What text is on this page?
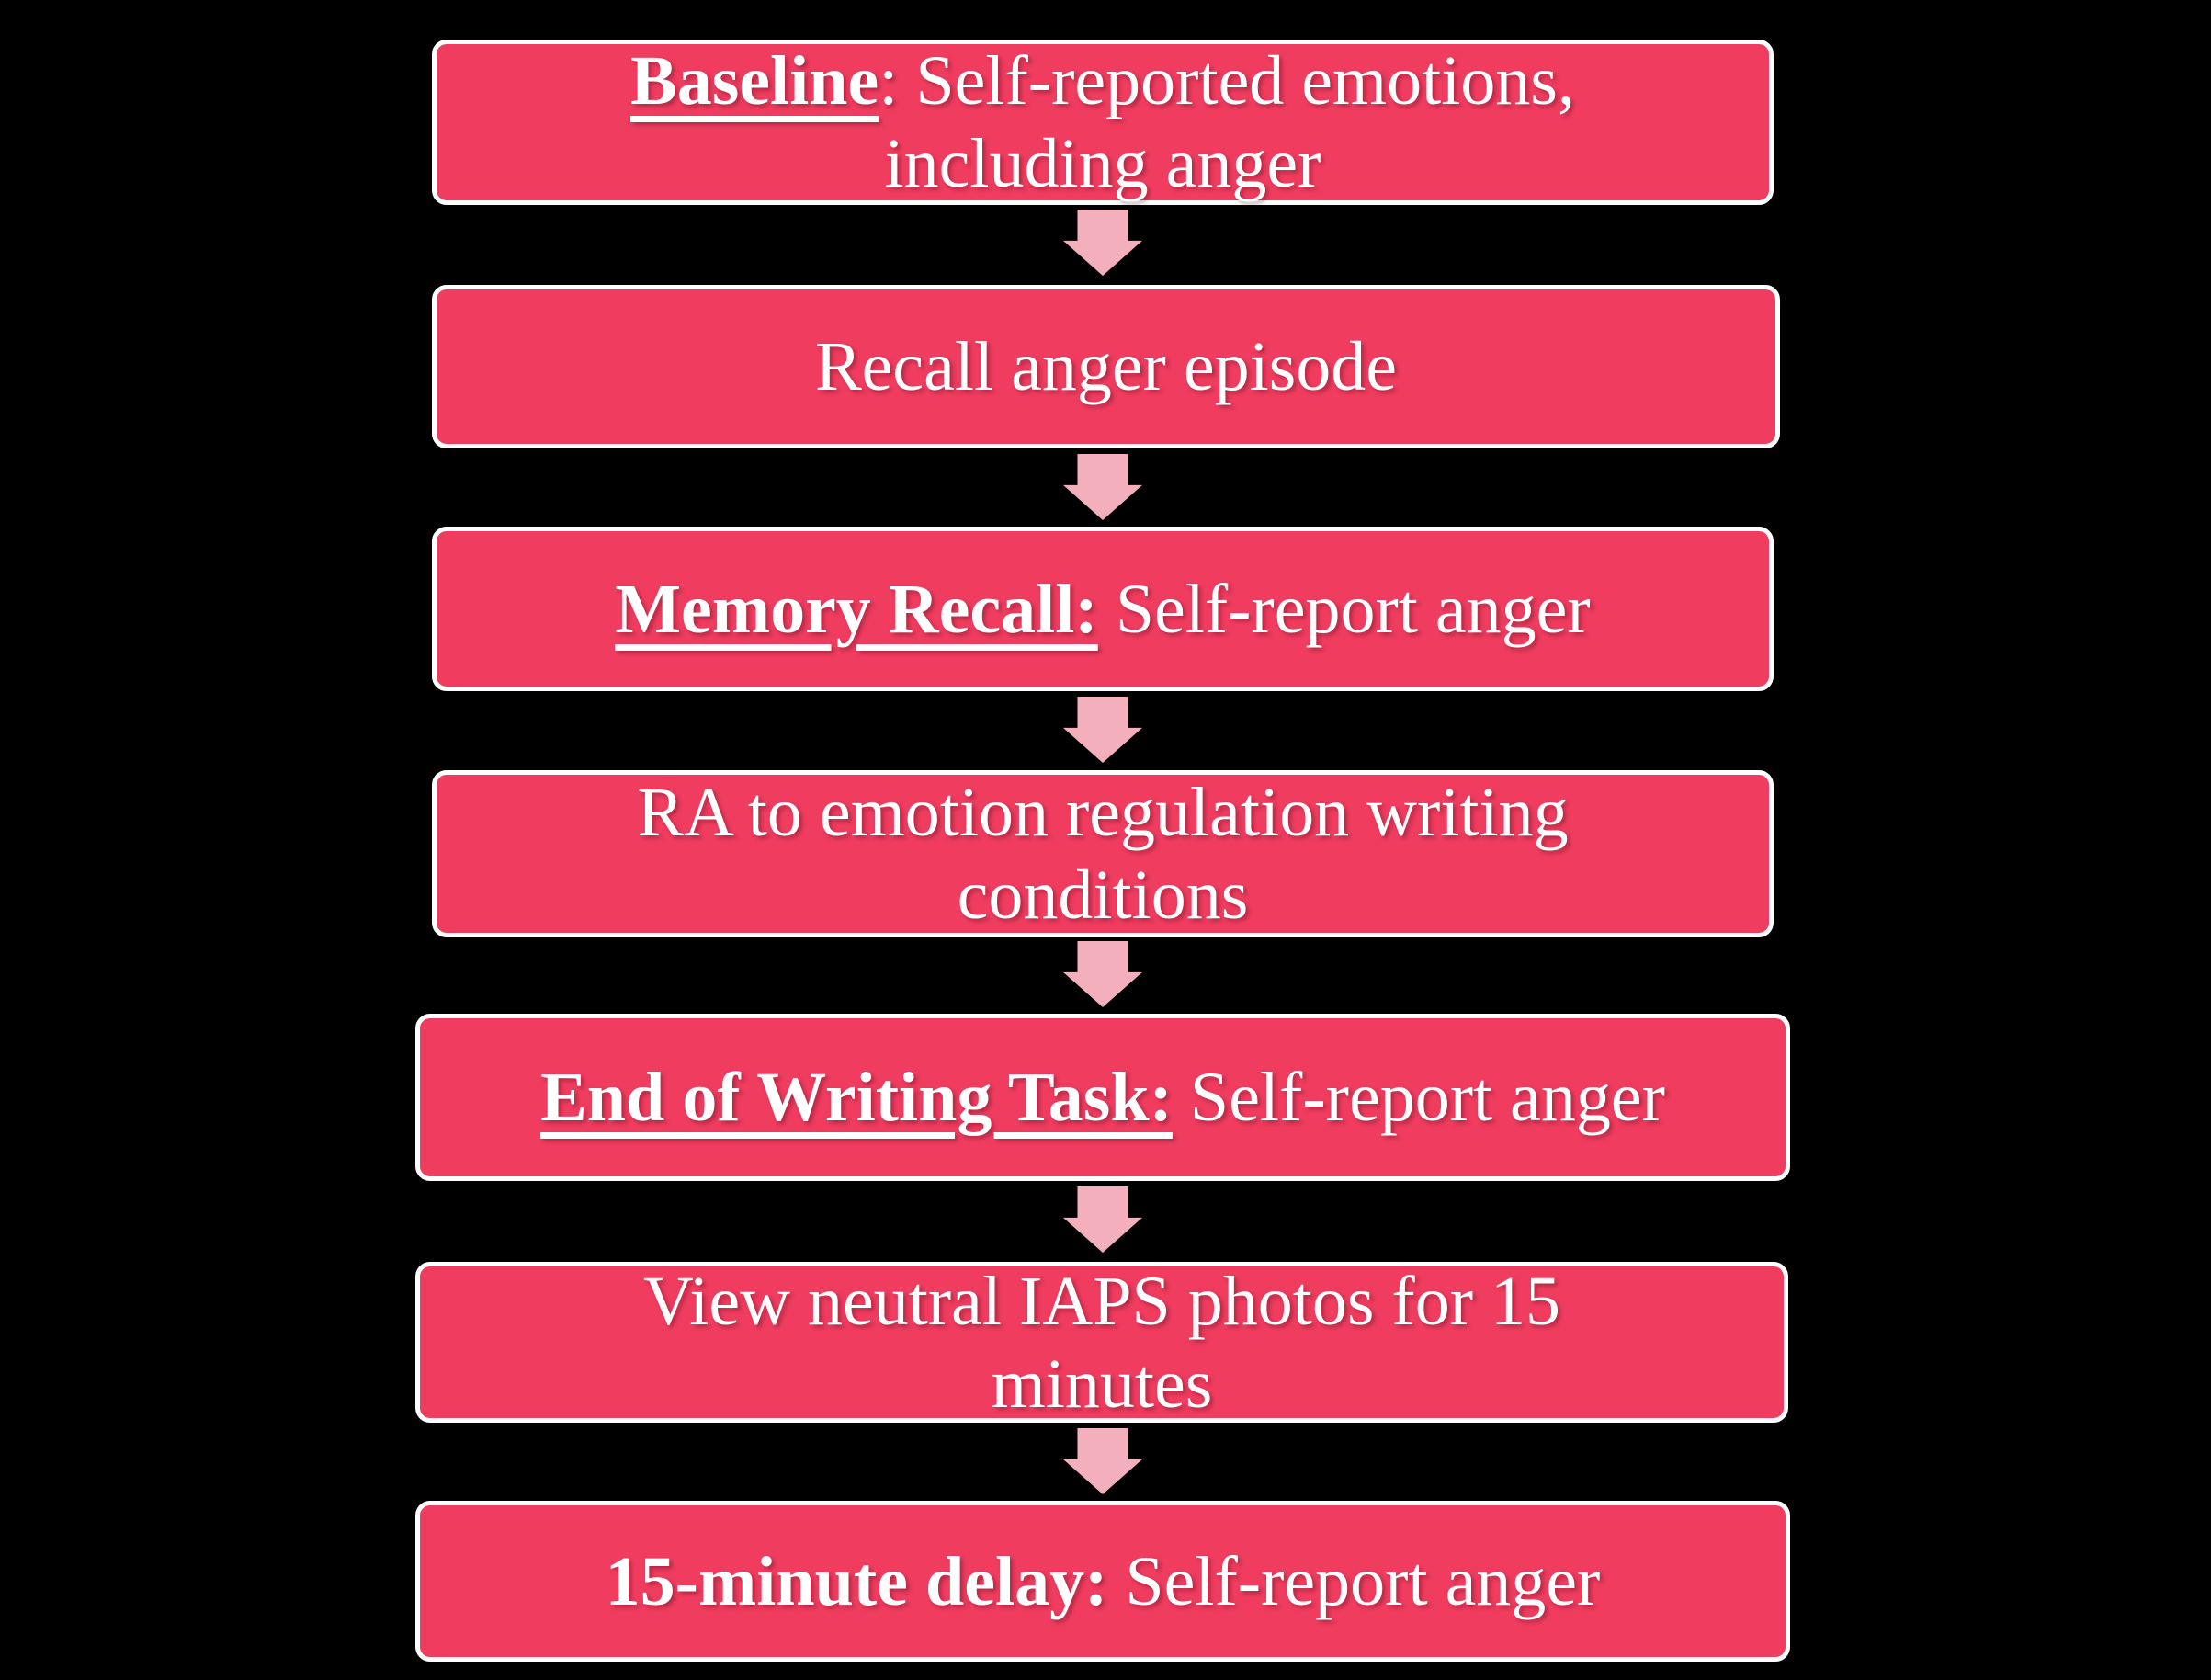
Baseline: Self-reported emotions,
including anger
Recall anger episode
Memory Recall: Self-report anger
RA to emotion regulation writing
conditions
End of Writing Task: Self-report anger
View neutral IAPS photos for 15
minutes
15-minute delay: Self-report anger
